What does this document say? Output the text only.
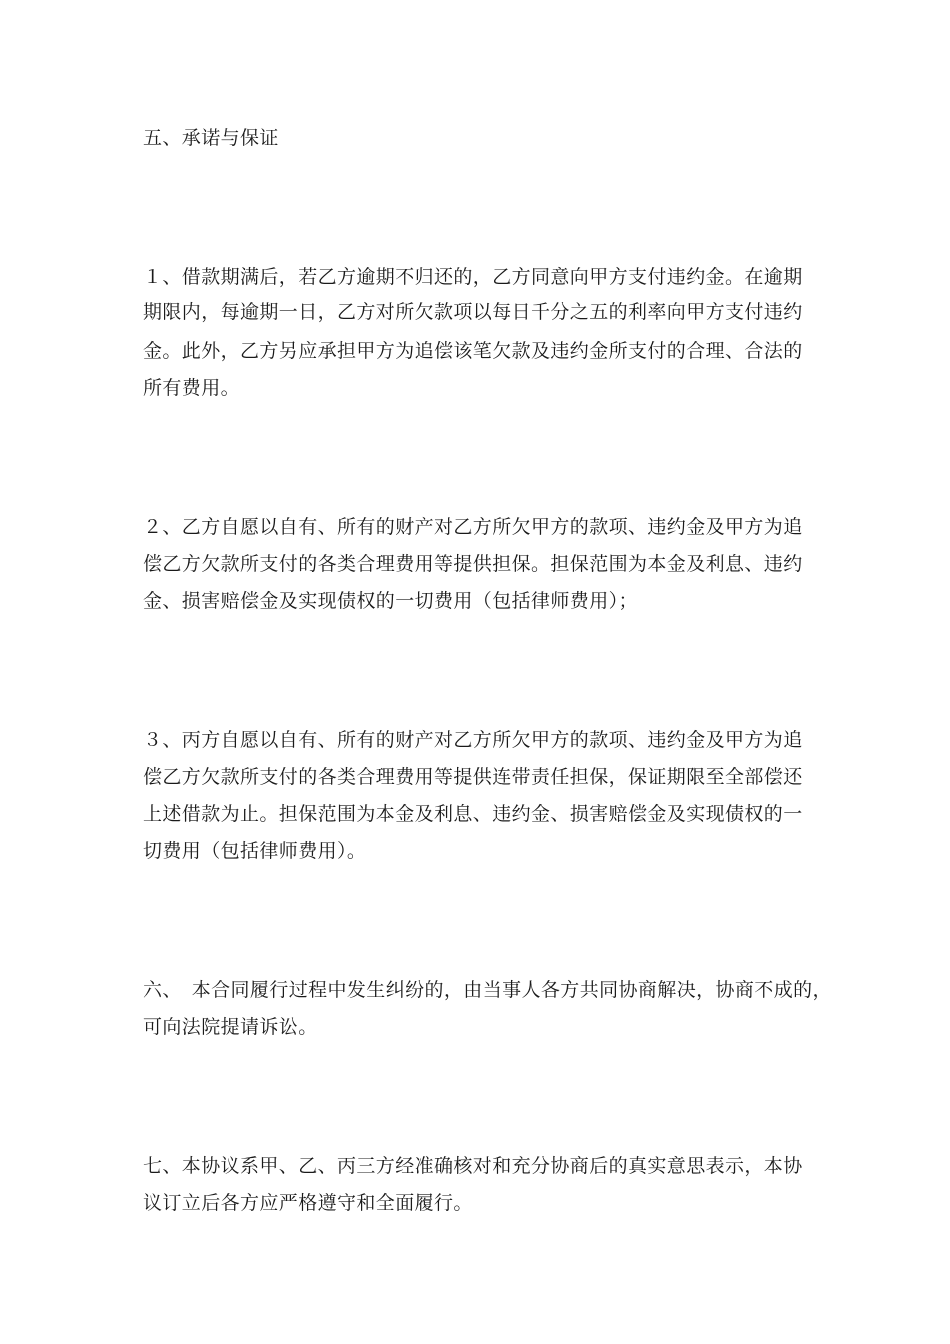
五、承诺与保证
１、借款期满后，若乙方逾期不归还的，乙方同意向甲方支付违约金。在逾期
期限内，每逾期一日，乙方对所欠款项以每日千分之五的利率向甲方支付违约
金。此外，乙方另应承担甲方为追偿该笔欠款及违约金所支付的合理、合法的
所有费用。
２、乙方自愿以自有、所有的财产对乙方所欠甲方的款项、违约金及甲方为追
偿乙方欠款所支付的各类合理费用等提供担保。担保范围为本金及利息、违约
金、损害赔偿金及实现债权的一切费用（包括律师费用）；
３、丙方自愿以自有、所有的财产对乙方所欠甲方的款项、违约金及甲方为追
偿乙方欠款所支付的各类合理费用等提供连带责任担保，保证期限至全部偿还
上述借款为止。担保范围为本金及利息、违约金、损害赔偿金及实现债权的一
切费用（包括律师费用）。
六、　本合同履行过程中发生纠纷的，由当事人各方共同协商解决，协商不成的，
可向法院提请诉讼。
七、本协议系甲、乙、丙三方经准确核对和充分协商后的真实意思表示，本协
议订立后各方应严格遵守和全面履行。
